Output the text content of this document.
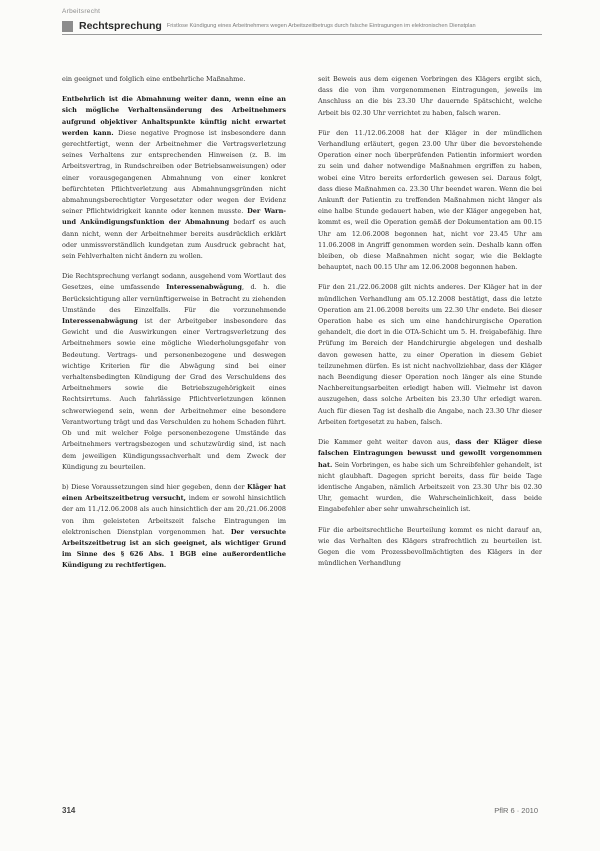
Arbeitsrecht
Rechtsprechung Fristlose Kündigung eines Arbeitnehmers wegen Arbeitszeitbetrugs durch falsche Eintragungen im elektronischen Dienstplan

ein geeignet und folglich eine entbehrliche Maßnahme.

Entbehrlich ist die Abmahnung weiter dann, wenn eine an sich mögliche Verhaltensänderung des Arbeitnehmers aufgrund objektiver Anhaltspunkte künftig nicht erwartet werden kann. Diese negative Prognose ist insbesondere dann gerechtfertigt, wenn der Arbeitnehmer die Vertragsverletzung seines Verhaltens zur entsprechenden Hinweisen (z. B. im Arbeitsvertrag, in Rundschreiben oder Betriebsanweisungen) oder einer vorausgegangenen Abmahnung von einer konkret befürchteten Pflichtverletzung aus Abmahnungsgründen nicht abmahnungsberechtigter Vorgesetzter oder wegen der Evidenz seiner Pflichtwidrigkeit kannte oder kennen musste. Der Warn- und Ankündigungsfunktion der Abmahnung bedarf es auch dann nicht, wenn der Arbeitnehmer bereits ausdrücklich erklärt oder unmissverständlich kundgetan zum Ausdruck gebracht hat, sein Fehlverhalten nicht ändern zu wollen.

Die Rechtsprechung verlangt sodann, ausgehend vom Wortlaut des Gesetzes, eine umfassende Interessenabwägung, d. h. die Berücksichtigung aller vernünftigerweise in Betracht zu ziehenden Umstände des Einzelfalls. Für die vorzunehmende Interessenabwägung ist der Arbeitgeber insbesondere das Gewicht und die Auswirkungen einer Vertragsverletzung des Arbeitnehmers sowie eine mögliche Wiederholungsgefahr von Bedeutung. Vertrags- und personenbezogene und deswegen wichtige Kriterien für die Abwägung sind bei einer verhaltensbedingten Kündigung der Grad des Verschuldens des Arbeitnehmers sowie die Betriebszugehörigkeit eines Rechtsirrtums. Auch fahrlässige Pflichtverletzungen können schwerwiegend sein, wenn der Arbeitnehmer eine besondere Verantwortung trägt und das Verschulden zu hohem Schaden führt. Ob und mit welcher Folge personenbezogene Umstände das Arbeitnehmers vertragsbezogen und schutzwürdig sind, ist nach dem jeweiligen Kündigungssachverhalt und dem Zweck der Kündigung zu beurteilen.

b) Diese Voraussetzungen sind hier gegeben, denn der Kläger hat einen Arbeitszeitbetrug versucht, indem er sowohl hinsichtlich der am 11./12.06.2008 als auch hinsichtlich der am 20./21.06.2008 von ihm geleisteten Arbeitszeit falsche Eintragungen im elektronischen Dienstplan vorgenommen hat. Der versuchte Arbeitszeitbetrug ist an sich geeignet, als wichtiger Grund im Sinne des § 626 Abs. 1 BGB eine außerordentliche Kündigung zu rechtfertigen.

seit Beweis aus dem eigenen Vorbringen des Klägers ergibt sich, dass die von ihm vorgenommenen Eintragungen, jeweils im Anschluss an die bis 23.30 Uhr dauernde Spätschicht, welche Arbeit bis 02.30 Uhr verrichtet zu haben, falsch waren.

Für den 11./12.06.2008 hat der Kläger in der mündlichen Verhandlung erläutert, gegen 23.00 Uhr über die bevorstehende Operation einer noch überprüfenden Patientin informiert worden zu sein und daher notwendige Maßnahmen ergriffen zu haben, wobei eine Vitro bereits erforderlich gewesen sei. Daraus folgt, dass diese Maßnahmen ca. 23.30 Uhr beendet waren. Wenn die bei Ankunft der Patientin zu treffenden Maßnahmen nicht länger als eine halbe Stunde gedauert haben, wie der Kläger angegeben hat, kommt es, weil die Operation gemäß der Dokumentation am 00.15 Uhr am 12.06.2008 begonnen hat, nicht vor 23.45 Uhr am 11.06.2008 in Angriff genommen worden sein. Deshalb kann offen bleiben, ob diese Maßnahmen nicht sogar, wie die Beklagte behauptet, nach 00.15 Uhr am 12.06.2008 begonnen haben.

Für den 21./22.06.2008 gilt nichts anderes. Der Kläger hat in der mündlichen Verhandlung am 05.12.2008 bestätigt, dass die letzte Operation am 21.06.2008 bereits um 22.30 Uhr endete. Bei dieser Operation habe es sich um eine handchirurgische Operation gehandelt, die dort in die OTA-Schicht um 5. H. freigabefähig. Ihre Prüfung im Bereich der Handchirurgie abgelegen und deshalb davon gewesen hatte, zu einer Operation in diesem Gebiet teilzunehmen dürfen. Es ist nicht nachvollziehbar, dass der Kläger nach Beendigung dieser Operation noch länger als eine Stunde Nachbereitungsarbeiten erledigt haben will. Vielmehr ist davon auszugehen, dass solche Arbeiten bis 23.30 Uhr erledigt waren. Auch für diesen Tag ist deshalb die Angabe, nach 23.30 Uhr dieser Arbeiten fortgesetzt zu haben, falsch.

Die Kammer geht weiter davon aus, dass der Kläger diese falschen Eintragungen bewusst und gewollt vorgenommen hat. Sein Vorbringen, es habe sich um Schreibfehler gehandelt, ist nicht glaubhaft. Dagegen spricht bereits, dass für beide Tage identische Angaben, nämlich Arbeitszeit von 23.30 Uhr bis 02.30 Uhr, gemacht wurden, die Wahrscheinlichkeit, dass beide Eingabefehler aber sehr unwahrscheinlich ist.

Für die arbeitsrechtliche Beurteilung kommt es nicht darauf an, wie das Verhalten des Klägers strafrechtlich zu beurteilen ist. Gegen die vom Prozessbevollmächtigten des Klägers in der mündlichen Verhandlung

314	PflR 6 · 2010
